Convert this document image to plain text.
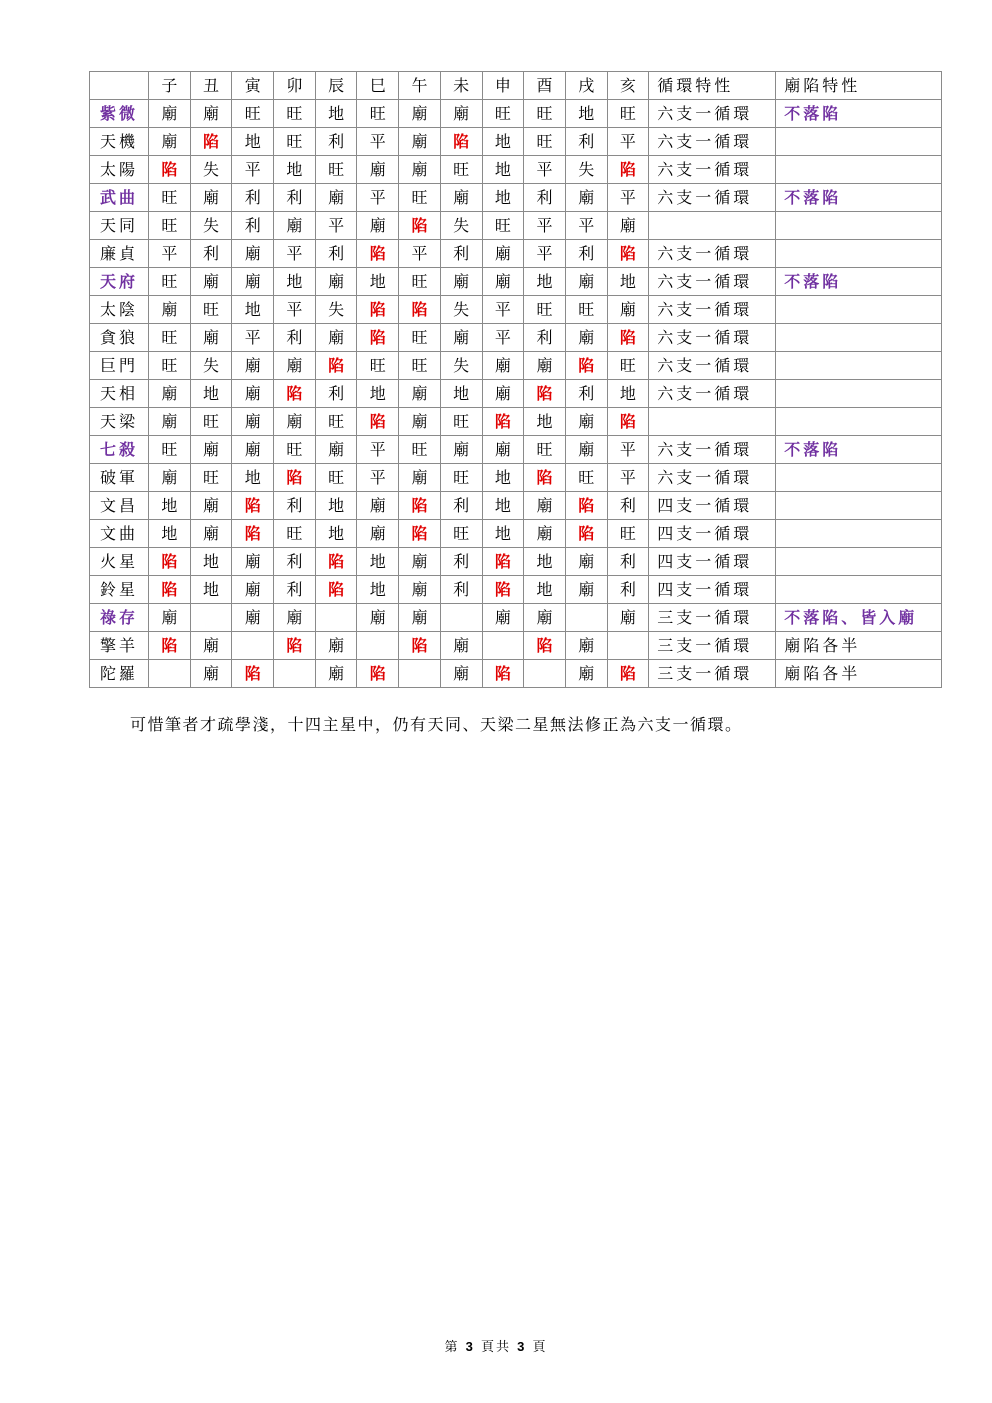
	子	丑	寅	卯	辰	巳	午	未	申	酉	戌	亥	循環特性	廟陷特性
紫微	廟	廟	旺	旺	地	旺	廟	廟	旺	旺	地	旺	六支一循環	不落陷
天機	廟	陷	地	旺	利	平	廟	陷	地	旺	利	平	六支一循環	
太陽	陷	失	平	地	旺	廟	廟	旺	地	平	失	陷	六支一循環	
武曲	旺	廟	利	利	廟	平	旺	廟	地	利	廟	平	六支一循環	不落陷
天同	旺	失	利	廟	平	廟	陷	失	旺	平	平	廟		
廉貞	平	利	廟	平	利	陷	平	利	廟	平	利	陷	六支一循環	
天府	旺	廟	廟	地	廟	地	旺	廟	廟	地	廟	地	六支一循環	不落陷
太陰	廟	旺	地	平	失	陷	陷	失	平	旺	旺	廟	六支一循環	
貪狼	旺	廟	平	利	廟	陷	旺	廟	平	利	廟	陷	六支一循環	
巨門	旺	失	廟	廟	陷	旺	旺	失	廟	廟	陷	旺	六支一循環	
天相	廟	地	廟	陷	利	地	廟	地	廟	陷	利	地	六支一循環	
天梁	廟	旺	廟	廟	旺	陷	廟	旺	陷	地	廟	陷		
七殺	旺	廟	廟	旺	廟	平	旺	廟	廟	旺	廟	平	六支一循環	不落陷
破軍	廟	旺	地	陷	旺	平	廟	旺	地	陷	旺	平	六支一循環	
文昌	地	廟	陷	利	地	廟	陷	利	地	廟	陷	利	四支一循環	
文曲	地	廟	陷	旺	地	廟	陷	旺	地	廟	陷	旺	四支一循環	
火星	陷	地	廟	利	陷	地	廟	利	陷	地	廟	利	四支一循環	
鈴星	陷	地	廟	利	陷	地	廟	利	陷	地	廟	利	四支一循環	
祿存	廟		廟	廟		廟	廟		廟	廟		廟	三支一循環	不落陷、皆入廟
擎羊	陷	廟		陷	廟		陷	廟		陷	廟		三支一循環	廟陷各半
陀羅		廟	陷		廟	陷		廟	陷		廟	陷	三支一循環	廟陷各半
可惜筆者才疏學淺，十四主星中，仍有天同、天梁二星無法修正為六支一循環。
第 3 頁共 3 頁
